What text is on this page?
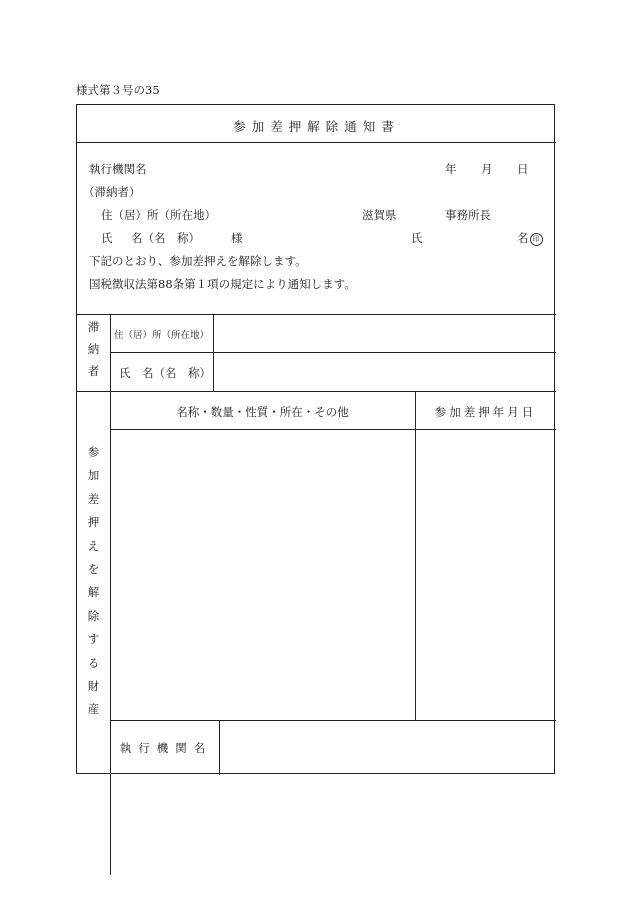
様式第３号の35
参加差押解除通知書
執行機関名	年 月 日
（滞納者）
住（居）所（所在地）	滋賀県	事務所長
氏 名（名　称）	様	氏	名 印
下記のとおり、参加差押えを解除します。
国税徴収法第88条第１項の規定により通知します。
滞
納
者
住（居）所（所在地）
氏　名（名　称）
参
加
差
押
え
を
解
除
す
る
財
産
名称・数量・性質・所在・その他	参加差押年月日
執行機関名
